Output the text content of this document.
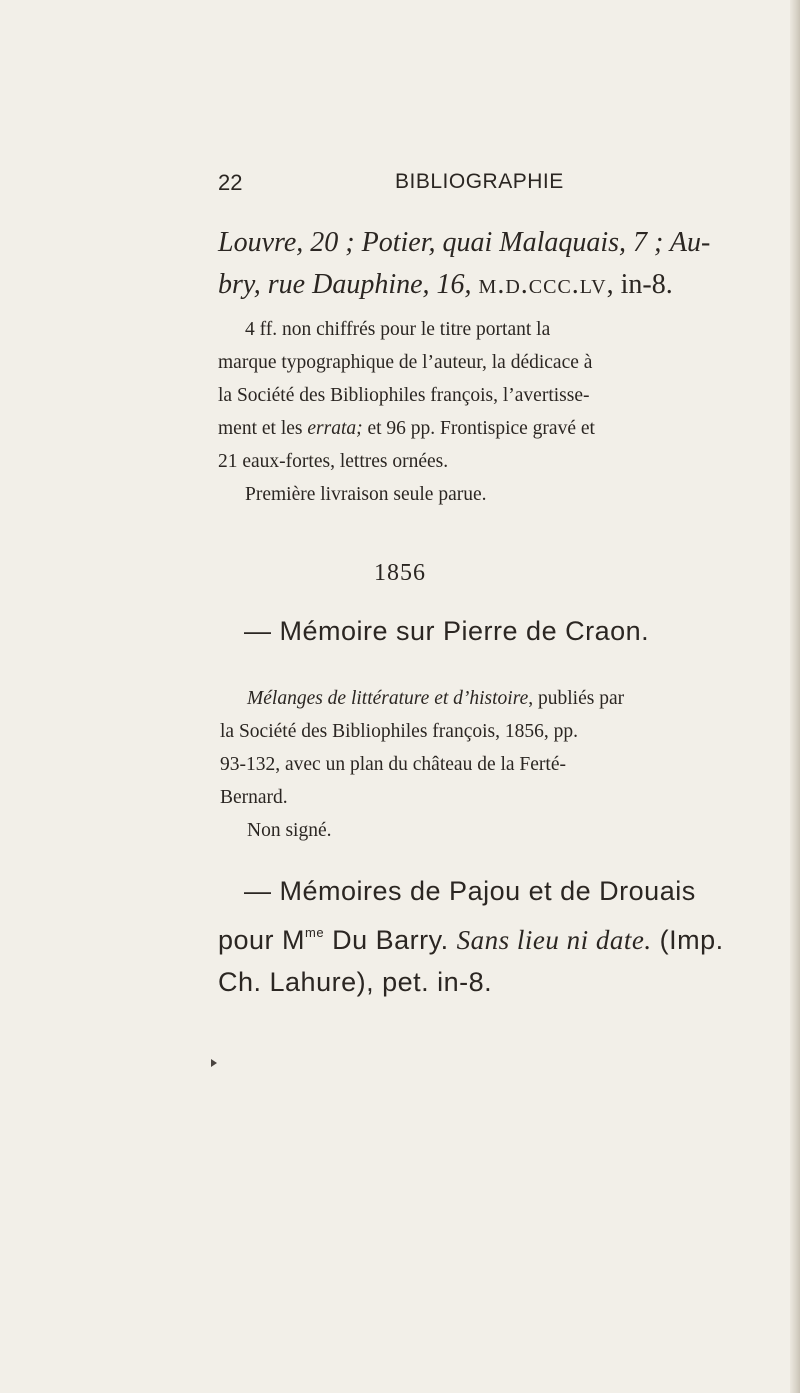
22	BIBLIOGRAPHIE
Louvre, 20 ; Potier, quai Malaquais, 7 ; Au-
bry, rue Dauphine, 16, m.d.ccc.lv, in-8.
4 ff. non chiffrés pour le titre portant la
marque typographique de l’auteur, la dédicace à
la Société des Bibliophiles françois, l’avertisse-
ment et les errata; et 96 pp. Frontispice gravé et
21 eaux-fortes, lettres ornées.
Première livraison seule parue.
1856
— Mémoire sur Pierre de Craon.
Mélanges de littérature et d’histoire, publiés par
la Société des Bibliophiles françois, 1856, pp.
93-132, avec un plan du château de la Ferté-
Bernard.
Non signé.
— Mémoires de Pajou et de Drouais
pour $M^{me}$ Du Barry. Sans lieu ni date. (Imp.
Ch. Lahure), pet. in-8.
